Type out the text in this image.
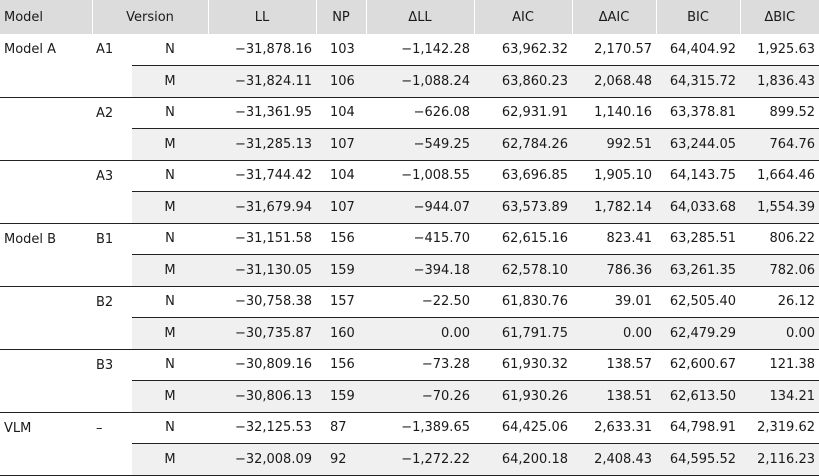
Model	Version		LL	NP	ΔLL	AIC	ΔAIC	BIC	ΔBIC
Model A	A1	N	−31,878.16	103	−1,142.28	63,962.32	2,170.57	64,404.92	1,925.63
		M	−31,824.11	106	−1,088.24	63,860.23	2,068.48	64,315.72	1,836.43
	A2	N	−31,361.95	104	−626.08	62,931.91	1,140.16	63,378.81	899.52
		M	−31,285.13	107	−549.25	62,784.26	992.51	63,244.05	764.76
	A3	N	−31,744.42	104	−1,008.55	63,696.85	1,905.10	64,143.75	1,664.46
		M	−31,679.94	107	−944.07	63,573.89	1,782.14	64,033.68	1,554.39
Model B	B1	N	−31,151.58	156	−415.70	62,615.16	823.41	63,285.51	806.22
		M	−31,130.05	159	−394.18	62,578.10	786.36	63,261.35	782.06
	B2	N	−30,758.38	157	−22.50	61,830.76	39.01	62,505.40	26.12
		M	−30,735.87	160	0.00	61,791.75	0.00	62,479.29	0.00
	B3	N	−30,809.16	156	−73.28	61,930.32	138.57	62,600.67	121.38
		M	−30,806.13	159	−70.26	61,930.26	138.51	62,613.50	134.21
VLM	–	N	−32,125.53	87	−1,389.65	64,425.06	2,633.31	64,798.91	2,319.62
		M	−32,008.09	92	−1,272.22	64,200.18	2,408.43	64,595.52	2,116.23
